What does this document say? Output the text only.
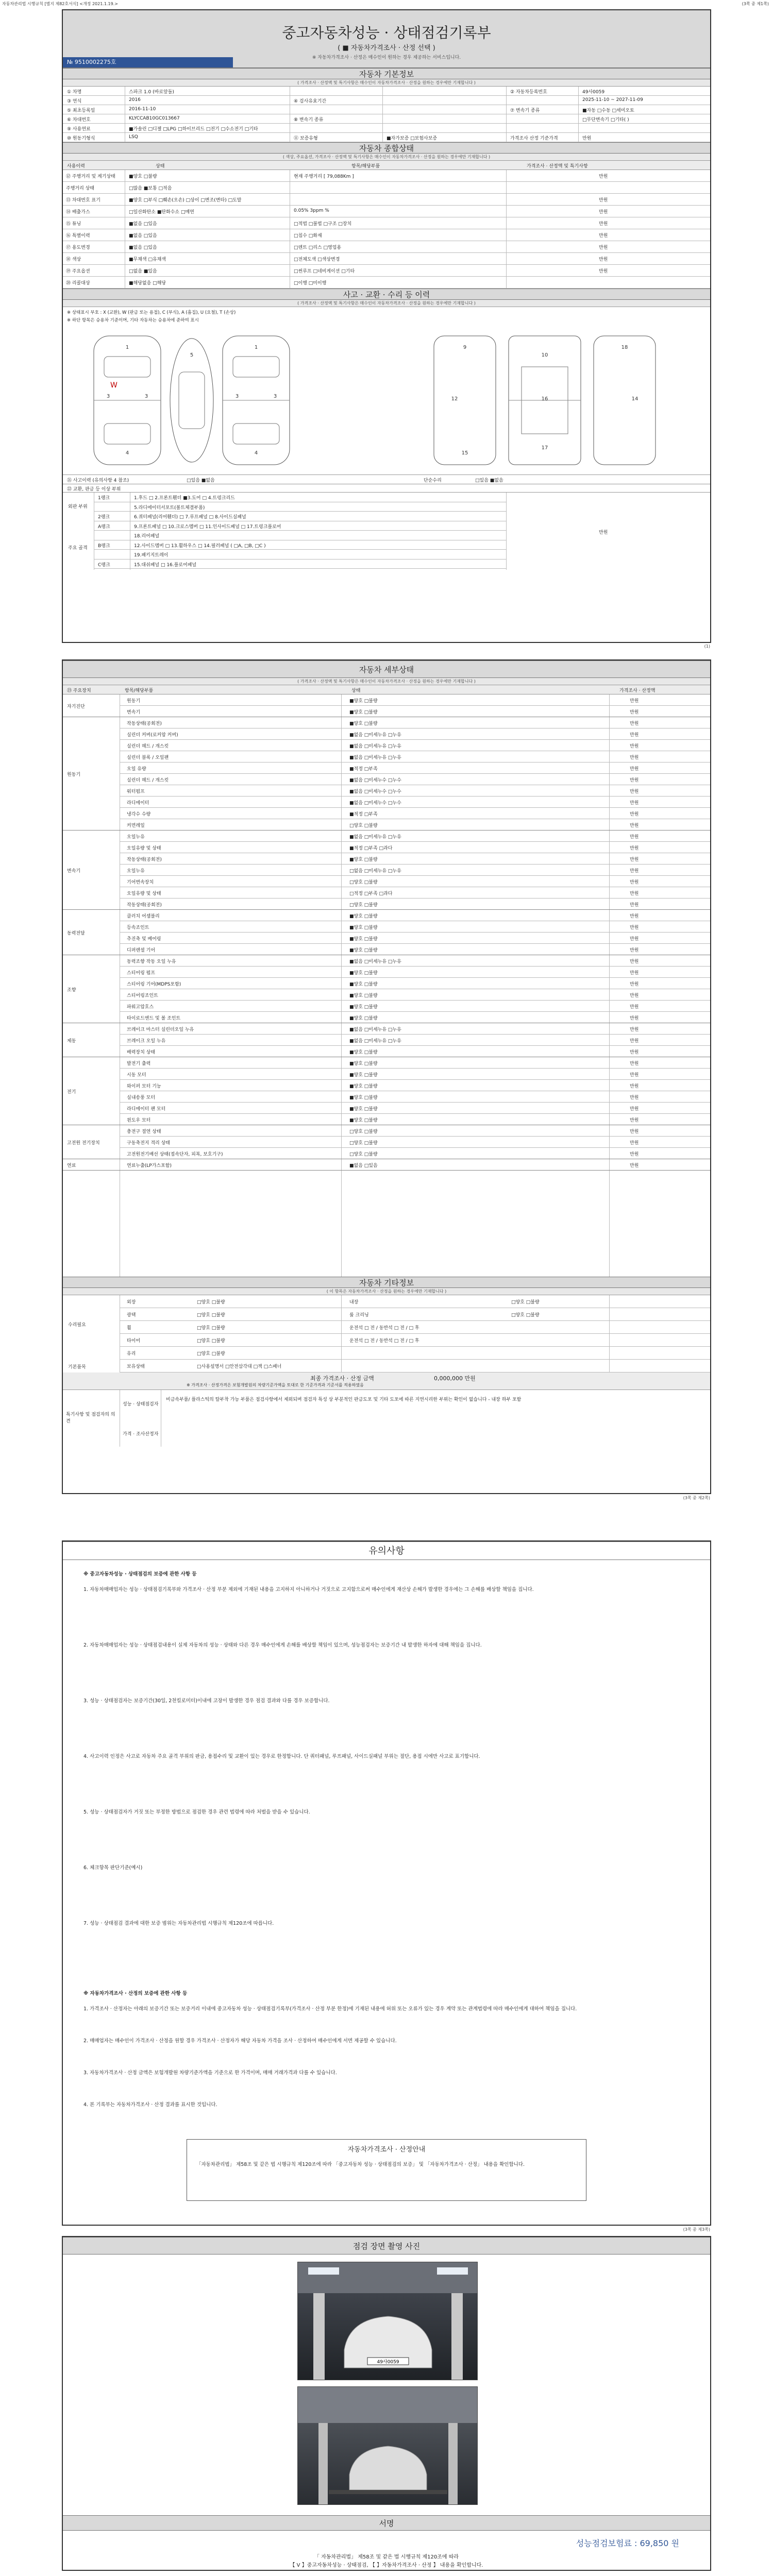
자동차관리법 시행규칙 [별지 제82호서식] <개정 2021.1.19.>	(3쪽 중 제1쪽)
중고자동차성능 · 상태점검기록부
( ■ 자동차가격조사 · 산정 선택 )
※ 자동차가격조사 · 산정은 매수인이 원하는 경우 제공하는 서비스입니다.
№ 9510002275호
자동차 기본정보
( 가격조사 · 산정액 및 특기사항은 매수인이 자동차가격조사 · 산정을 원하는 경우에만 기재합니다 )
① 차명	스파크 1.0 (바로앞돌)	② 자동차등록번호	49사0059
③ 연식	2016	④ 검사유효기간	2025-11-10 ~ 2027-11-09
⑤ 최초등록일	2016-11-10	⑦ 변속기 종류	■자동 □수동 □세미오토
⑥ 차대번호	KLYCCAB10GC013667	⑧ 변속기 종류	□무단변속기 □기타( )
⑨ 사용연료	■가솔린 □디젤 □LPG □하이브리드 □전기 □수소전기 □기타
⑩ 원동기형식	LSQ	⑪ 보증유형	■자가보증 □보험사보증	가격조사 산정 기준가격	만원
자동차 종합상태
( 색상, 주요옵션, 가격조사 · 산정액 및 특기사항은 매수인이 자동차가격조사 · 산정을 원하는 경우에만 기재합니다 )
사용이력	상태	항목/해당부품	가격조사 · 산정액 및 특기사항
⑫ 주행거리 및 계기상태	■양호 □불량	현재 주행거리 [ 79,088Km ]	만원
주행거리 상태	□많음 ■보통 □적음
⑬ 차대번호 표기	■양호 □부식 □훼손(오손) □상이 □변조(변타) □도말	만원
⑭ 배출가스	□일산화탄소 ■탄화수소 □매연	0.05% 3ppm %	만원
⑮ 튜닝	■없음 □있음	□적법 □불법 □구조 □장치	만원
⑯ 특별이력	■없음 □있음	□침수 □화재	만원
⑰ 용도변경	■없음 □있음	□렌트 □리스 □영업용	만원
⑱ 색상	■무채색 □유채색	□전체도색 □색상변경	만원
⑲ 주요옵션	□없음 ■있음	□썬루프 □네비게이션 □기타	만원
⑳ 리콜대상	■해당없음 □해당	□이행 □미이행
사고 · 교환 · 수리 등 이력
( 가격조사 · 산정액 및 특기사항은 매수인이 자동차가격조사 · 산정을 원하는 경우에만 기재합니다 )
※ 상태표시 부호 : X (교환), W (판금 또는 용접), C (부식), A (흠집), U (요철), T (손상)
※ 하단 항목은 승용차 기준이며, 기타 자동차는 승용차에 준하여 표시
1
3	3
4
5
1
3	3
4
9
10
16
17
18
12	14
15
W
㉑ 사고이력 (유의사항 4 참조)	□있음 ■없음	단순수리	□있음 ■없음
㉒ 교환, 판금 등 이상 부위
외판 부위
주요 골격
만원
1랭크	1.후드 □ 2.프론트휀더 ■3.도어 □ 4.트렁크리드
5.라디에이터서포트(볼트체결부품)
2랭크	6.쿼터패널(리어휀더) □ 7.루프패널 □ 8.사이드실패널
A랭크	9.프론트패널 □ 10.크로스멤버 □ 11.인사이드패널 □ 17.트렁크플로어
18.리어패널
B랭크	12.사이드멤버 □ 13.휠하우스 □ 14.필러패널 ( □A, □B, □C )
19.패키지트레이
C랭크	15.대쉬패널 □ 16.플로어패널
(1)
자동차 세부상태
( 가격조사 · 산정액 및 특기사항은 매수인이 자동차가격조사 · 산정을 원하는 경우에만 기재합니다 )
㉓ 주요장치	항목/해당부품	상태	가격조사 · 산정액
자기진단
원동기	■양호 □불량	만원
변속기	■양호 □불량	만원
원동기
작동상태(공회전)	■양호 □불량	만원
실린더 커버(로커암 커버)	■없음 □미세누유 □누유	만원
실린더 헤드 / 개스킷	■없음 □미세누유 □누유	만원
실린더 블록 / 오일팬	■없음 □미세누유 □누유	만원
오일 유량	■적정 □부족	만원
실린더 헤드 / 개스킷	■없음 □미세누수 □누수	만원
워터펌프	■없음 □미세누수 □누수	만원
라디에이터	■없음 □미세누수 □누수	만원
냉각수 수량	■적정 □부족	만원
커먼레일	□양호 □불량	만원
변속기
오일누유	■없음 □미세누유 □누유	만원
오일유량 및 상태	■적정 □부족 □과다	만원
작동상태(공회전)	■양호 □불량	만원
오일누유	□없음 □미세누유 □누유	만원
기어변속장치	□양호 □불량	만원
오일유량 및 상태	□적정 □부족 □과다	만원
작동상태(공회전)	□양호 □불량	만원
동력전달
클러치 어셈블리	■양호 □불량	만원
등속조인트	■양호 □불량	만원
추진축 및 베어링	■양호 □불량	만원
디퍼렌셜 기어	■양호 □불량	만원
조향
동력조향 작동 오일 누유	■없음 □미세누유 □누유	만원
스티어링 펌프	■양호 □불량	만원
스티어링 기어(MDPS포함)	■양호 □불량	만원
스티어링조인트	■양호 □불량	만원
파워고압호스	■양호 □불량	만원
타이로드엔드 및 볼 조인트	■양호 □불량	만원
제동
브레이크 마스터 실린더오일 누유	■없음 □미세누유 □누유	만원
브레이크 오일 누유	■없음 □미세누유 □누유	만원
배력장치 상태	■양호 □불량	만원
전기
발전기 출력	■양호 □불량	만원
시동 모터	■양호 □불량	만원
와이퍼 모터 기능	■양호 □불량	만원
실내송풍 모터	■양호 □불량	만원
라디에이터 팬 모터	■양호 □불량	만원
윈도우 모터	■양호 □불량	만원
고전원 전기장치
충전구 절연 상태	□양호 □불량	만원
구동축전지 격리 상태	□양호 □불량	만원
고전원전기배선 상태(접속단자, 피복, 보호기구)	□양호 □불량	만원
연료	연료누출(LP가스포함)	■없음 □있음	만원
자동차 기타정보
( 이 항목은 자동차가격조사 · 산정을 원하는 경우에만 기재합니다 )
수리필요
기본품목
외장	□양호 □불량	내장	□양호 □불량
광택	□양호 □불량	룸 크리닝	□양호 □불량
휠	□양호 □불량	운전석 □ 전 / 동반석 □ 전 / □ 후
타이어	□양호 □불량	운전석 □ 전 / 동반석 □ 전 / □ 후
유리	□양호 □불량
보유상태	□사용설명서 □안전삼각대 □잭 □스패너
최종 가격조사 · 산정 금액	0,000,000 만원
※ 가격조사 · 산정가격은 보험개발원의 차량기준가액을 토대로 한 기준가격과 기준서를 적용하였음
특기사항 및 점검자의 의견
성능 · 상태점검자
비금속부품/ 플라스틱의 탈부착 가능 부품은 점검사항에서 제외되며 점검자 특성 상 부분적인 판금도포 및 기타 도포에 따른 지연시리한 부위는 확인이 없습니다 - 내장 하부 포함
가격 · 조사산정자
(3쪽 중 제2쪽)
유의사항
※ 중고자동차성능 · 상태점검의 보증에 관한 사항 등
1. 자동차매매업자는 성능 · 상태점검기록부와 가격조사 · 산정 부분 제외에 기재된 내용을 고지하지 아니하거나 거짓으로 고지함으로써 매수인에게 재산상 손해가 발생한 경우에는 그 손해를 배상할 책임을 집니다.
2. 자동차매매업자는 성능 · 상태점검내용이 실제 자동차의 성능 · 상태와 다른 경우 매수인에게 손해를 배상할 책임이 있으며, 성능점검자는 보증기간 내 발생한 하자에 대해 책임을 집니다.
3. 성능 · 상태점검자는 보증기간(30일, 2천킬로미터)이내에 고장이 발생한 경우 점검 결과와 다를 경우 보증합니다.
4. 사고이력 인정은 사고로 자동차 주요 골격 부위의 판금, 용접수리 및 교환이 있는 경우로 한정합니다. 단 쿼터패널, 루프패널, 사이드실패널 부위는 절단, 용접 시에만 사고로 표기합니다.
5. 성능 · 상태점검자가 거짓 또는 부정한 방법으로 점검한 경우 관련 법령에 따라 처벌을 받을 수 있습니다.
6. 체크항목 판단기준(예시)
7. 성능 · 상태점검 결과에 대한 보증 범위는 자동차관리법 시행규칙 제120조에 따릅니다.
※ 자동차가격조사 · 산정의 보증에 관한 사항 등
1. 가격조사 · 산정자는 아래의 보증기간 또는 보증거리 이내에 중고자동차 성능 · 상태점검기록부(가격조사 · 산정 부분 한정)에 기재된 내용에 허위 또는 오류가 있는 경우 계약 또는 관계법령에 따라 매수인에게 대하여 책임을 집니다.
2. 매매업자는 매수인이 가격조사 · 산정을 원할 경우 가격조사 · 산정자가 해당 자동차 가격을 조사 · 산정하여 매수인에게 서면 제공할 수 있습니다.
3. 자동차가격조사 · 산정 금액은 보험개발원 차량기준가액을 기준으로 한 가격이며, 매매 거래가격과 다를 수 있습니다.
4. 본 기록부는 자동차가격조사 · 산정 결과를 표시한 것입니다.
자동차가격조사 · 산정안내
「자동차관리법」 제58조 및 같은 법 시행규칙 제120조에 따라 「중고자동차 성능 · 상태점검의 보증」 및 「자동차가격조사 · 산정」 내용을 확인합니다.
(3쪽 중 제3쪽)
점검 장면 촬영 사진
49사0059
서명
성능점검보험료 : 69,850 원
「 자동차관리법」 제58조 및 같은 법 시행규칙 제120조에 따라
【 V 】중고자동차성능 · 상태점검, 【 】자동차가격조사 · 산정 】 내용을 확인합니다.
